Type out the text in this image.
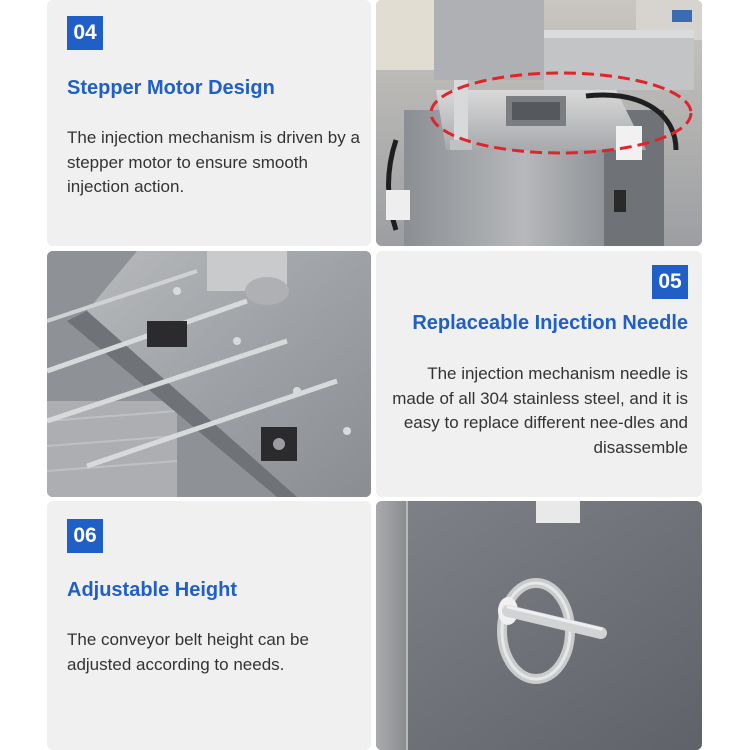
04
Stepper Motor Design
The injection mechanism is driven by a stepper motor to ensure smooth injection action.
05
Replaceable Injection Needle
The injection mechanism needle is made of all 304 stainless steel, and it is easy to replace different nee-dles and disassemble
06
Adjustable Height
The conveyor belt height can be adjusted according to needs.
